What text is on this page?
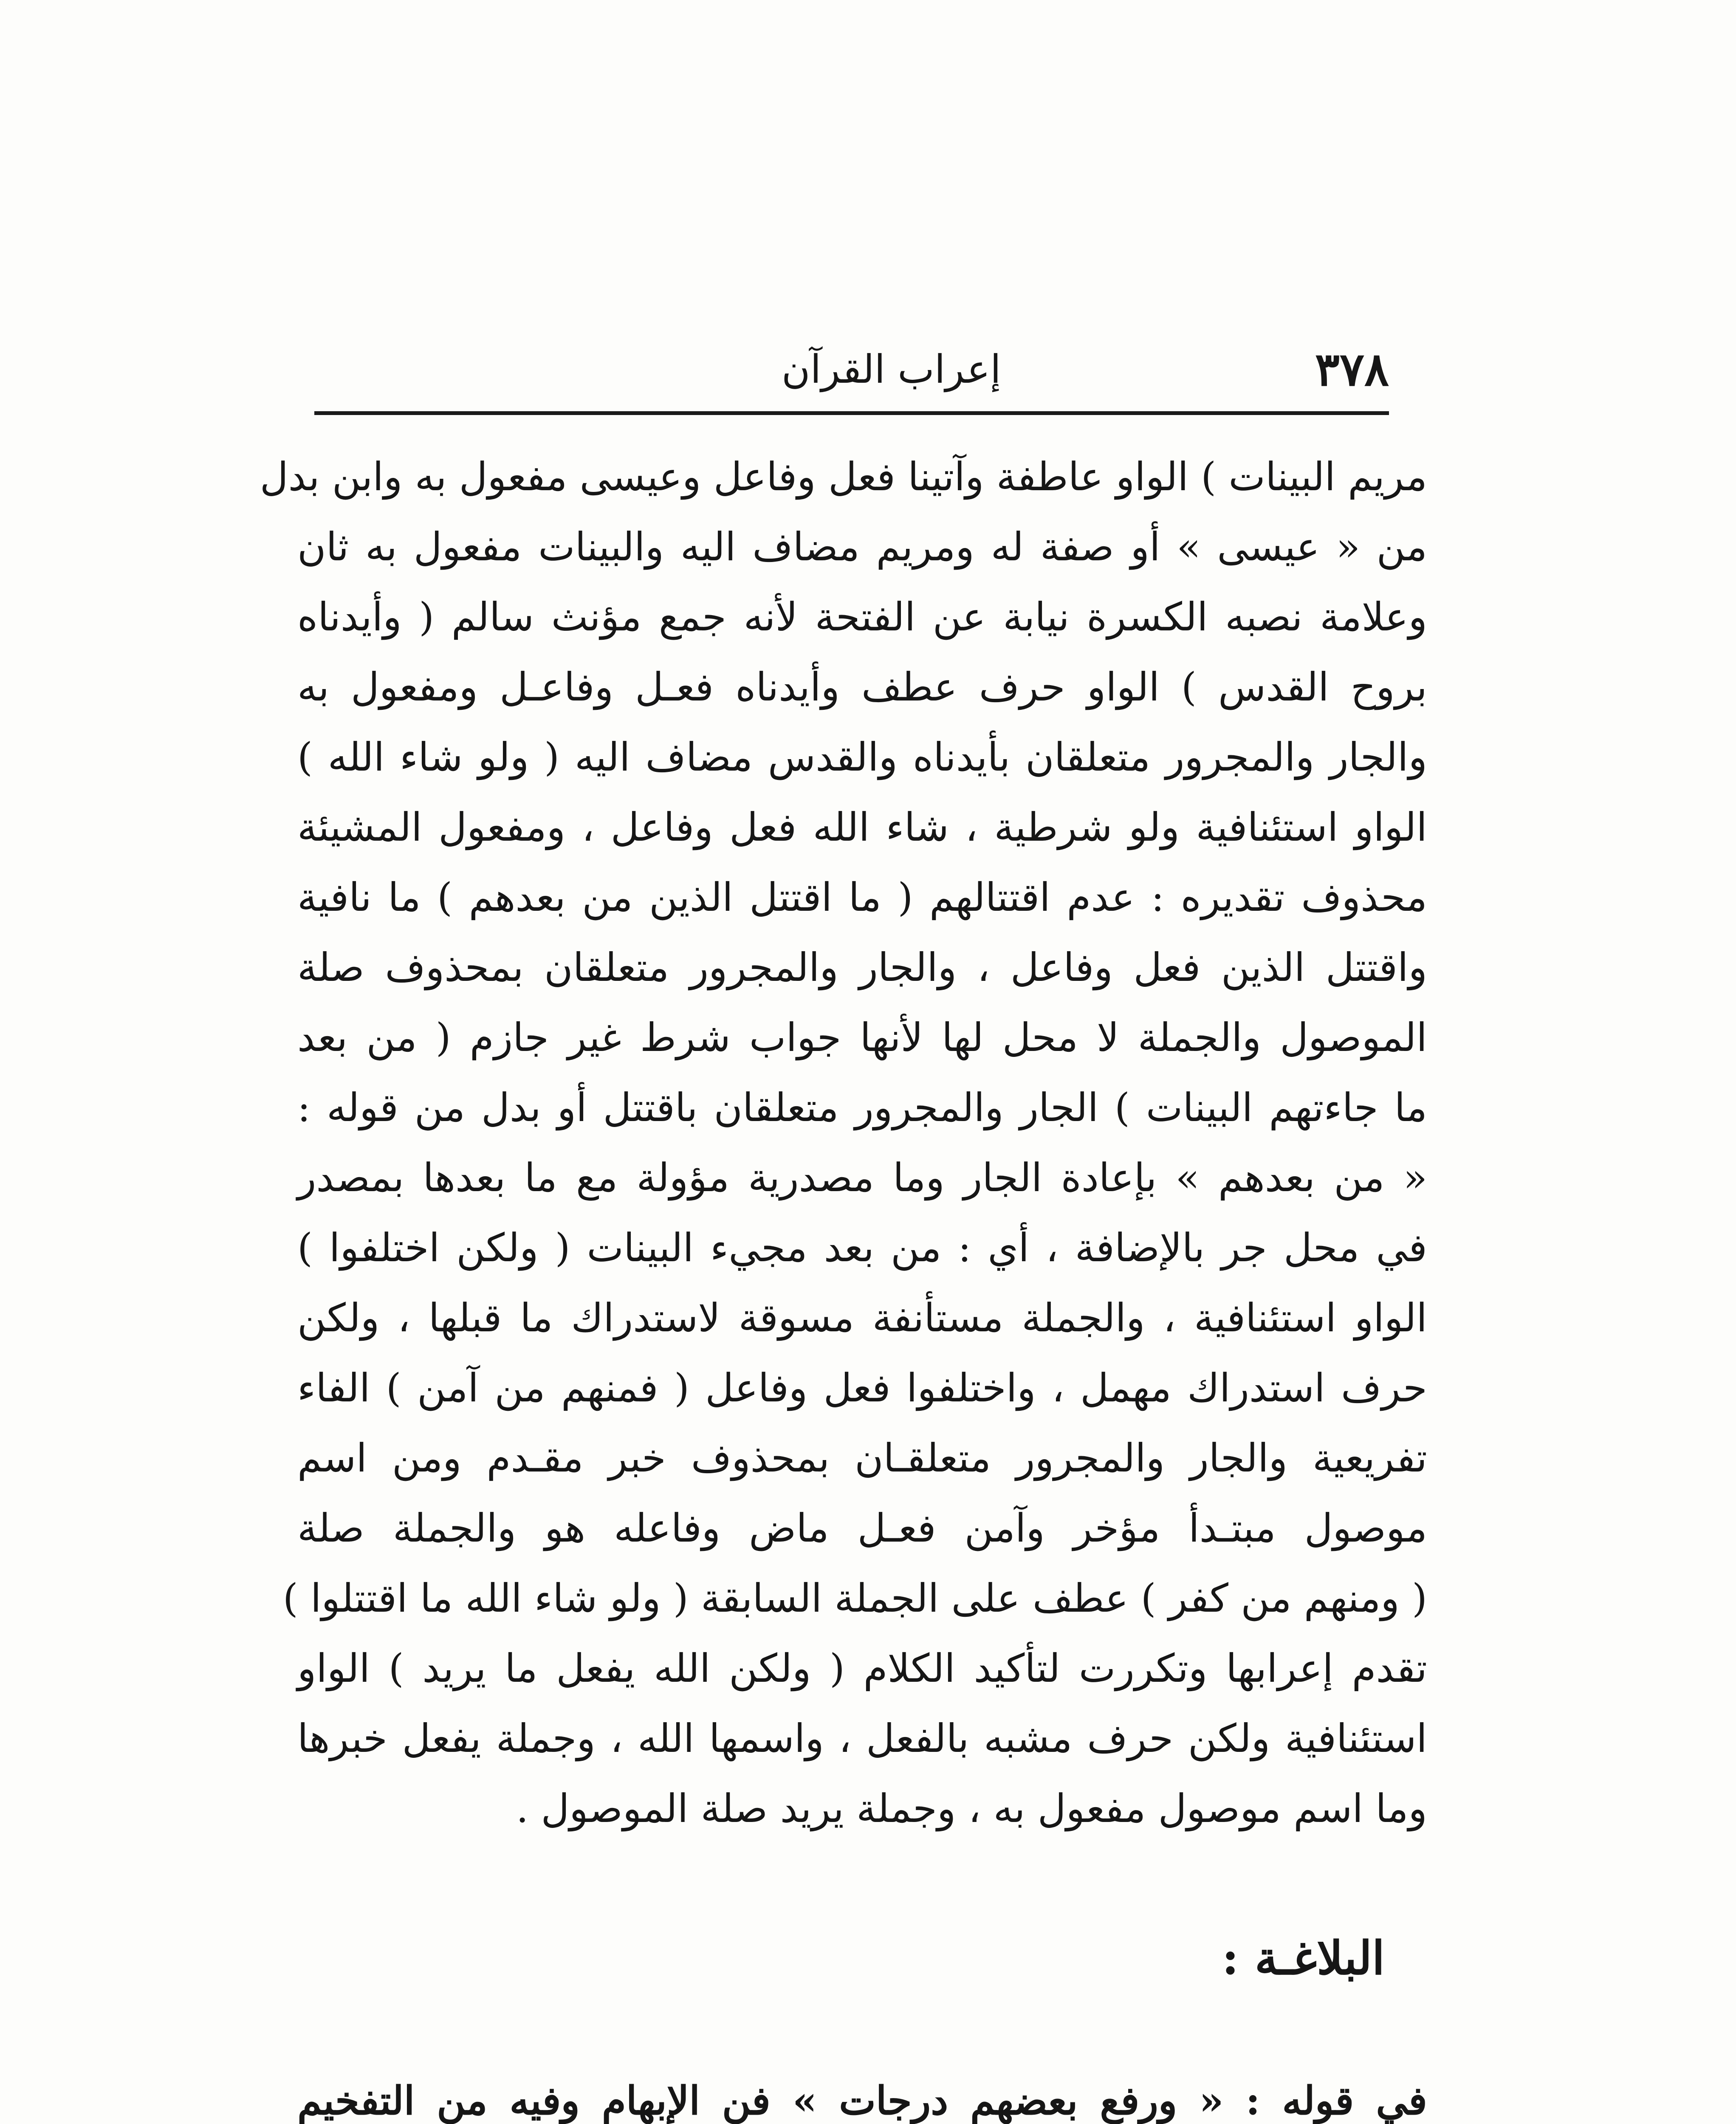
٣٧٨
إعراب القرآن
مريم البينات ) الواو عاطفة وآتينا فعل وفاعل وعيسى مفعول به وابن بدل
من « عيسى » أو صفة له ومريم مضاف اليه والبينات مفعول به ثان
وعلامة نصبه الكسرة نيابة عن الفتحة لأنه جمع مؤنث سالم ( وأيدناه
بروح القدس ) الواو حرف عطف وأيدناه فعـل وفاعـل ومفعول به
والجار والمجرور متعلقان بأيدناه والقدس مضاف اليه ( ولو شاء الله )
الواو استئنافية ولو شرطية ، شاء الله فعل وفاعل ، ومفعول المشيئة
محذوف تقديره : عدم اقتتالهم ( ما اقتتل الذين من بعدهم ) ما نافية
واقتتل الذين فعل وفاعل ، والجار والمجرور متعلقان بمحذوف صلة
الموصول والجملة لا محل لها لأنها جواب شرط غير جازم ( من بعد
ما جاءتهم البينات ) الجار والمجرور متعلقان باقتتل أو بدل من قوله :
« من بعدهم » بإعادة الجار وما مصدرية مؤولة مع ما بعدها بمصدر
في محل جر بالإضافة ، أي : من بعد مجيء البينات ( ولكن اختلفوا )
الواو استئنافية ، والجملة مستأنفة مسوقة لاستدراك ما قبلها ، ولكن
حرف استدراك مهمل ، واختلفوا فعل وفاعل ( فمنهم من آمن ) الفاء
تفريعية والجار والمجرور متعلقـان بمحذوف خبر مقـدم ومن اسم
موصول مبتـدأ مؤخر وآمن فعـل ماض وفاعله هو والجملة صلة
( ومنهم من كفر ) عطف على الجملة السابقة ( ولو شاء الله ما اقتتلوا )
تقدم إعرابها وتكررت لتأكيد الكلام ( ولكن الله يفعل ما يريد ) الواو
استئنافية ولكن حرف مشبه بالفعل ، واسمها الله ، وجملة يفعل خبرها
وما اسم موصول مفعول به ، وجملة يريد صلة الموصول .
البلاغـة :
في قوله : « ورفع بعضهم درجات » فن الإبهام وفيه من التفخيم
